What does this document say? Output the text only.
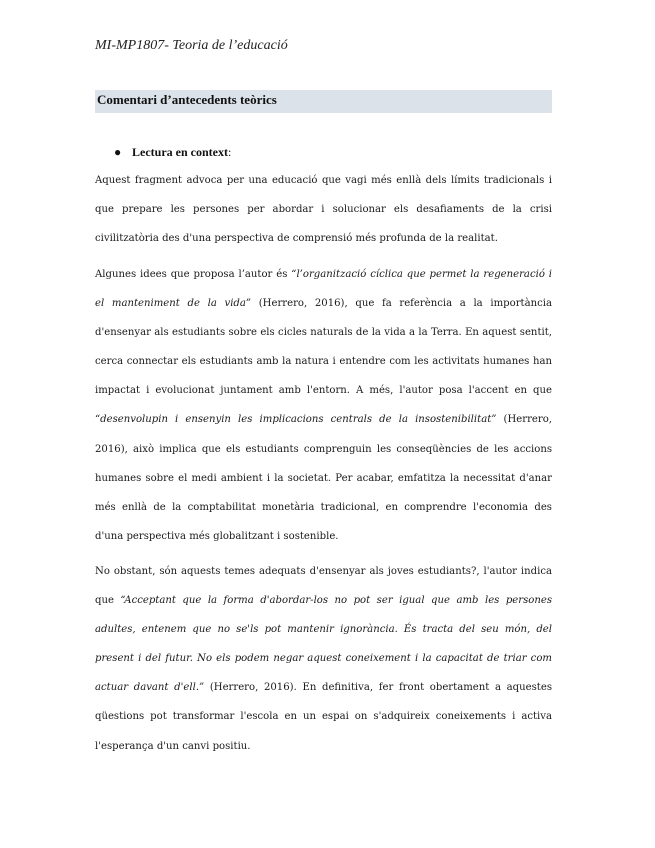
MI-MP1807- Teoria de l’educació
Comentari d’antecedents teòrics
● Lectura en context:

Aquest fragment advoca per una educació que vagi més enllà dels límits tradicionals i que prepare les persones per abordar i solucionar els desafiaments de la crisi civilitzatòria des d'una perspectiva de comprensió més profunda de la realitat.

Algunes idees que proposa l’autor és “l’organització cíclica que permet la regeneració i el manteniment de la vida” (Herrero, 2016), que fa referència a la importància d'ensenyar als estudiants sobre els cicles naturals de la vida a la Terra. En aquest sentit, cerca connectar els estudiants amb la natura i entendre com les activitats humanes han impactat i evolucionat juntament amb l'entorn. A més, l'autor posa l'accent en que “desenvolupin i ensenyin les implicacions centrals de la insostenibilitat” (Herrero, 2016), això implica que els estudiants comprenguin les conseqüències de les accions humanes sobre el medi ambient i la societat. Per acabar, emfatitza la necessitat d'anar més enllà de la comptabilitat monetària tradicional, en comprendre l'economia des d'una perspectiva més globalitzant i sostenible.

No obstant, són aquests temes adequats d'ensenyar als joves estudiants?, l'autor indica que “Acceptant que la forma d'abordar-los no pot ser igual que amb les persones adultes, entenem que no se'ls pot mantenir ignorància. És tracta del seu món, del present i del futur. No els podem negar aquest coneixement i la capacitat de triar com actuar davant d'ell.” (Herrero, 2016). En definitiva, fer front obertament a aquestes qüestions pot transformar l'escola en un espai on s'adquireix coneixements i activa l'esperança d'un canvi positiu.
